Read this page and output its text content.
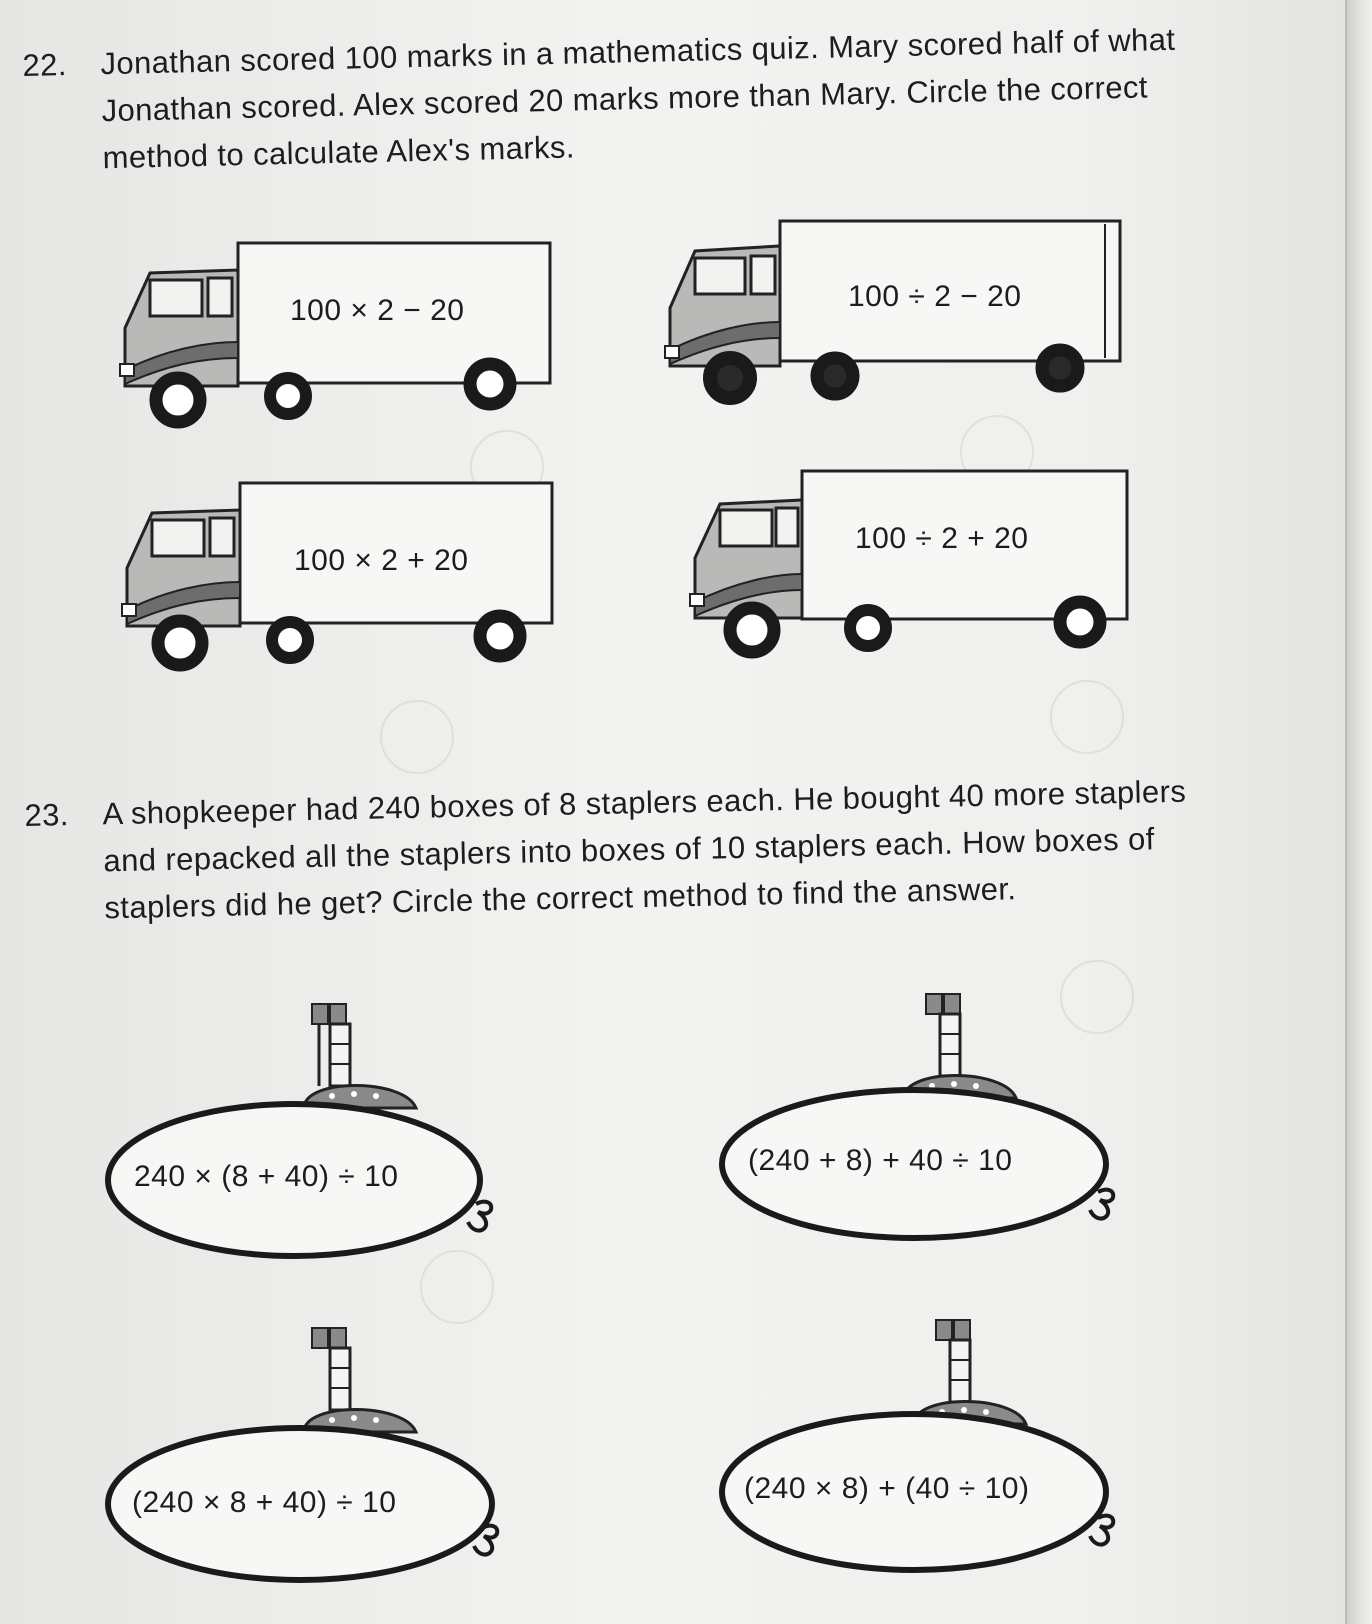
22. Jonathan scored 100 marks in a mathematics quiz. Mary scored half of what
Jonathan scored. Alex scored 20 marks more than Mary. Circle the correct
method to calculate Alex's marks.
100 × 2 − 20	100 ÷ 2 − 20
100 × 2 + 20
100 ÷ 2 + 20
23. A shopkeeper had 240 boxes of 8 staplers each. He bought 40 more staplers
and repacked all the staplers into boxes of 10 staplers each. How boxes of
staplers did he get? Circle the correct method to find the answer.
240 × (8 + 40) ÷ 10	(240 + 8) + 40 ÷ 10
(240 × 8 + 40) ÷ 10	(240 × 8) + (40 ÷ 10)
